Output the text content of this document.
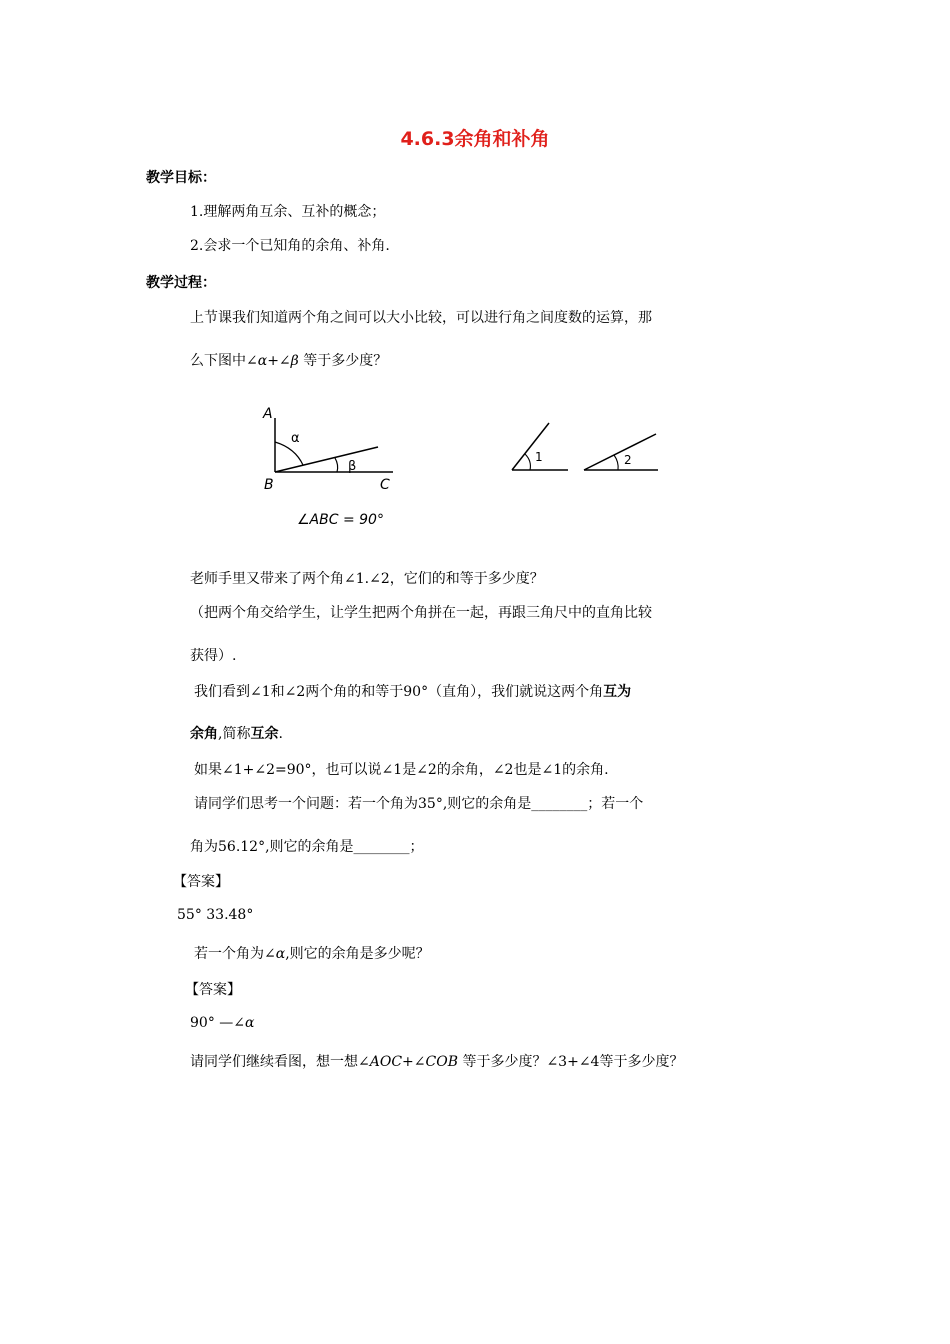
4.6.3余角和补角
教学目标：
1.理解两角互余、互补的概念；
2.会求一个已知角的余角、补角.
教学过程：
上节课我们知道两个角之间可以大小比较，可以进行角之间度数的运算，那
么下图中∠α+∠β 等于多少度？
A
B	C
α
β
∠ABC = 90°
1	2
老师手里又带来了两个角∠1.∠2，它们的和等于多少度？
（把两个角交给学生，让学生把两个角拼在一起，再跟三角尺中的直角比较
获得）.
我们看到∠1和∠2两个角的和等于90°（直角），我们就说这两个角互为
余角,简称互余.
如果∠1+∠2=90°，也可以说∠1是∠2的余角，∠2也是∠1的余角.
请同学们思考一个问题：若一个角为35°,则它的余角是________；若一个
角为56.12°,则它的余角是________；
【答案】
55° 33.48°
若一个角为∠α,则它的余角是多少呢？
【答案】
90° —∠α
请同学们继续看图，想一想∠AOC+∠COB 等于多少度？∠3+∠4等于多少度？
